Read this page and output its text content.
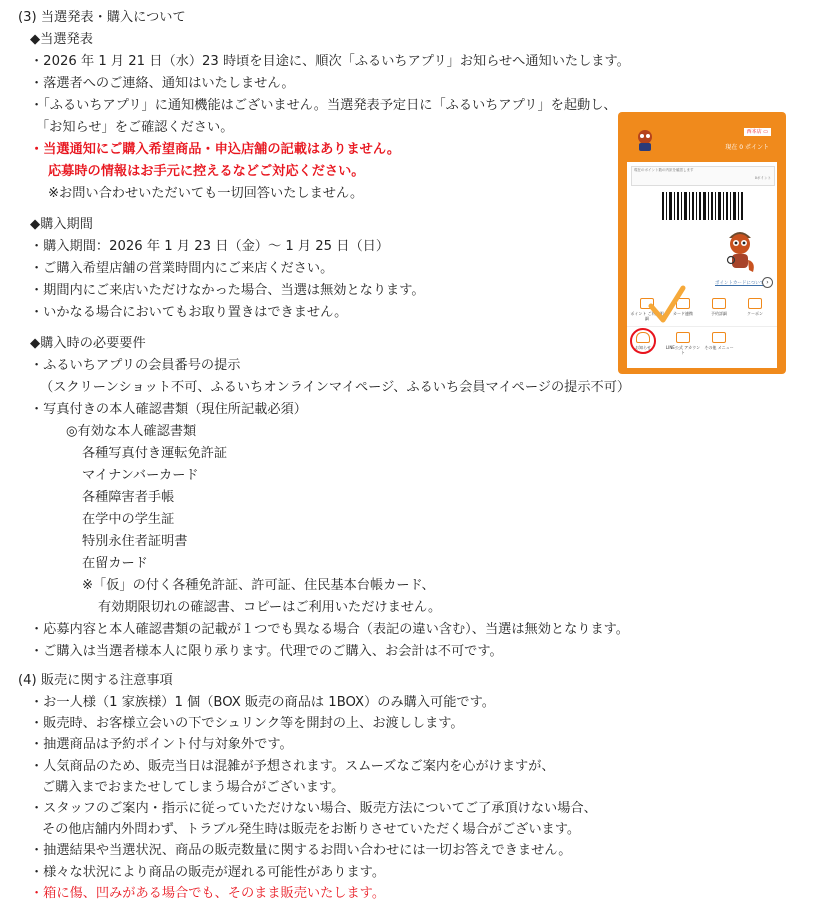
(3) 当選発表・購入について
◆当選発表
・2026 年 1 月 21 日（水）23 時頃を目途に、順次「ふるいちアプリ」お知らせへ通知いたします。
・落選者へのご連絡、通知はいたしません。
・「ふるいちアプリ」に通知機能はございません。当選発表予定日に「ふるいちアプリ」を起動し、
「お知らせ」をご確認ください。
・当選通知にご購入希望商品・申込店舗の記載はありません。
応募時の情報はお手元に控えるなどご対応ください。
※お問い合わせいただいても一切回答いたしません。
◆購入期間
・購入期間：2026 年 1 月 23 日（金）～ 1 月 25 日（日）
・ご購入希望店舗の営業時間内にご来店ください。
・期間内にご来店いただけなかった場合、当選は無効となります。
・いかなる場合においてもお取り置きはできません。
◆購入時の必要要件
・ふるいちアプリの会員番号の提示
（スクリーンショット不可、ふるいちオンラインマイページ、ふるいち会員マイページの提示不可）
・写真付きの本人確認書類（現住所記載必須）
◎有効な本人確認書類
各種写真付き運転免許証
マイナンバーカード
各種障害者手帳
在学中の学生証
特別永住者証明書
在留カード
※「仮」の付く各種免許証、許可証、住民基本台帳カード、
有効期限切れの確認書、コピーはご利用いただけません。
・応募内容と本人確認書類の記載が１つでも異なる場合（表記の違い含む）、当選は無効となります。
・ご購入は当選者様本人に限り承ります。代理でのご購入、お会計は不可です。
(4) 販売に関する注意事項
・お一人様（1 家族様）1 個（BOX 販売の商品は 1BOX）のみ購入可能です。
・販売時、お客様立会いの下でシュリンク等を開封の上、お渡しします。
・抽選商品は予約ポイント付与対象外です。
・人気商品のため、販売当日は混雑が予想されます。スムーズなご案内を心がけますが、
ご購入までおまたせしてしまう場合がございます。
・スタッフのご案内・指示に従っていただけない場合、販売方法についてご了承頂けない場合、
その他店舗内外問わず、トラブル発生時は販売をお断りさせていただく場合がございます。
・抽選結果や当選状況、商品の販売数量に関するお問い合わせには一切お答えできません。
・様々な状況により商品の販売が遅れる可能性があります。
西本店 ▭
現在 0 ポイント
現在のポイント数の内訳を確認します
0ポイント
ポイントカードについて ›
ポイント ご利用明細
カード連携	予約詳細	クーポン
お知らせ	LINE公式 アカウント
その他 メニュー
・箱に傷、凹みがある場合でも、そのまま販売いたします。
